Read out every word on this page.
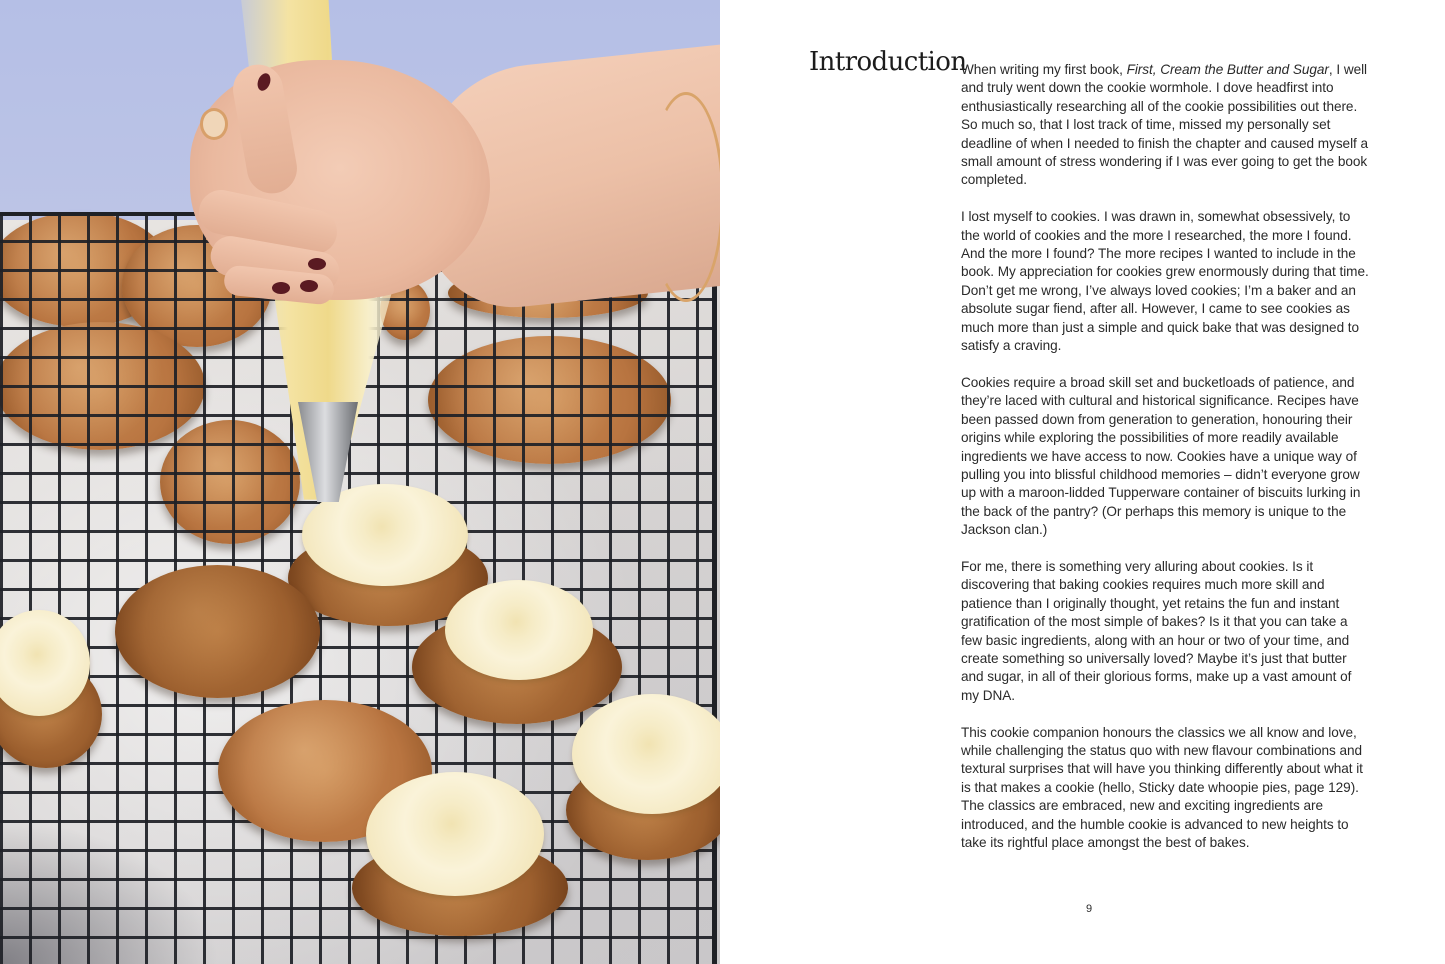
Introduction

When writing my first book, First, Cream the Butter and Sugar, I well and truly went down the cookie wormhole. I dove headfirst into enthusiastically researching all of the cookie possibilities out there. So much so, that I lost track of time, missed my personally set deadline of when I needed to finish the chapter and caused myself a small amount of stress wondering if I was ever going to get the book completed.

I lost myself to cookies. I was drawn in, somewhat obsessively, to the world of cookies and the more I researched, the more I found. And the more I found? The more recipes I wanted to include in the book. My appreciation for cookies grew enormously during that time. Don’t get me wrong, I’ve always loved cookies; I’m a baker and an absolute sugar fiend, after all. However, I came to see cookies as much more than just a simple and quick bake that was designed to satisfy a craving.

Cookies require a broad skill set and bucketloads of patience, and they’re laced with cultural and historical significance. Recipes have been passed down from generation to generation, honouring their origins while exploring the possibilities of more readily available ingredients we have access to now. Cookies have a unique way of pulling you into blissful childhood memories – didn’t everyone grow up with a maroon-lidded Tupperware container of biscuits lurking in the back of the pantry? (Or perhaps this memory is unique to the Jackson clan.)

For me, there is something very alluring about cookies. Is it discovering that baking cookies requires much more skill and patience than I originally thought, yet retains the fun and instant gratification of the most simple of bakes? Is it that you can take a few basic ingredients, along with an hour or two of your time, and create something so universally loved? Maybe it’s just that butter and sugar, in all of their glorious forms, make up a vast amount of my DNA.

This cookie companion honours the classics we all know and love, while challenging the status quo with new flavour combinations and textural surprises that will have you thinking differently about what it is that makes a cookie (hello, Sticky date whoopie pies, page 129). The classics are embraced, new and exciting ingredients are introduced, and the humble cookie is advanced to new heights to take its rightful place amongst the best of bakes.

9
